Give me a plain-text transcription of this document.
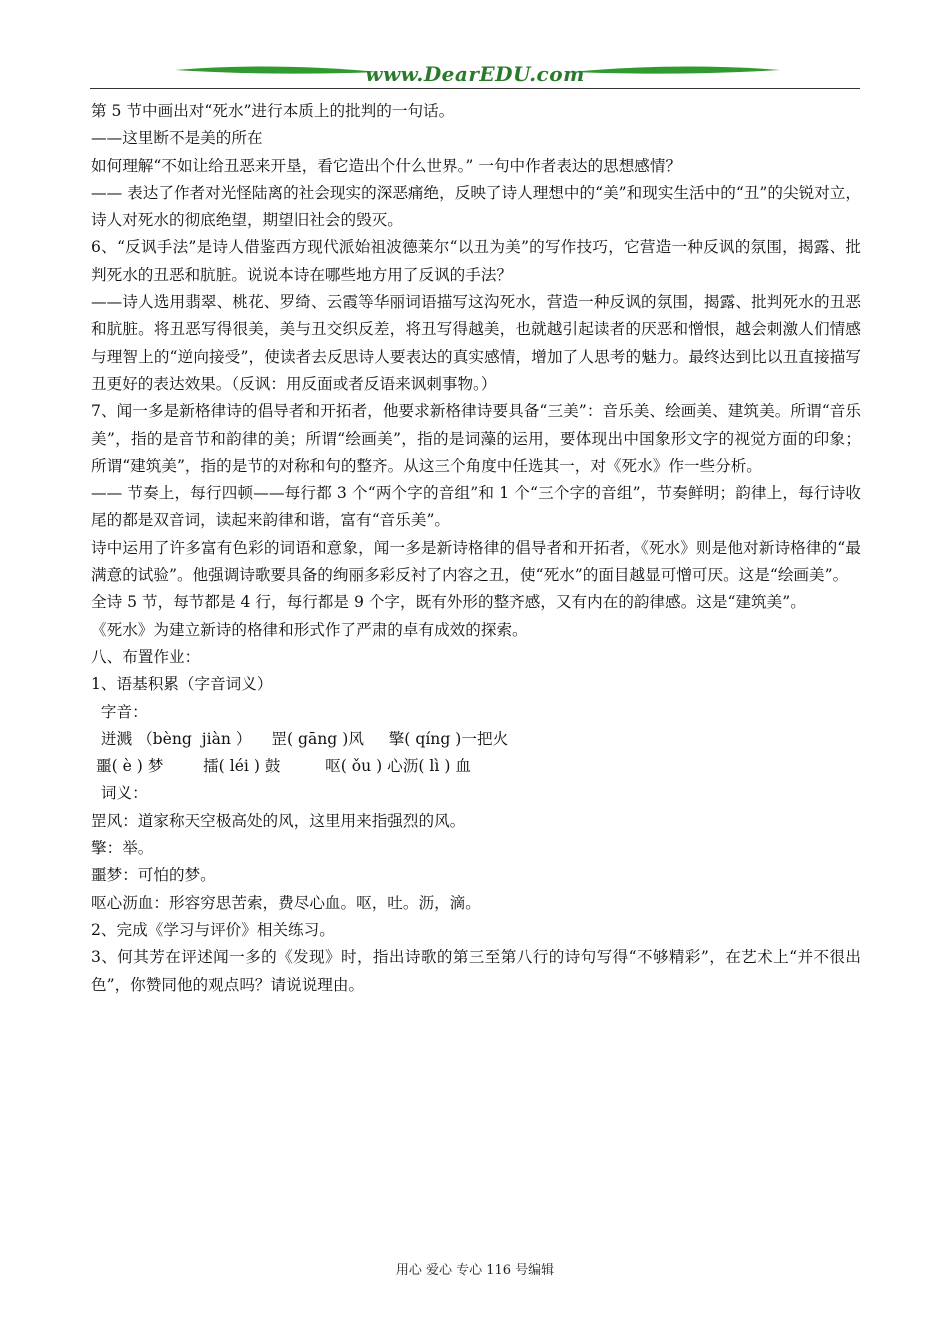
www.DearEDU.com

第 5 节中画出对“死水”进行本质上的批判的一句话。

——这里断不是美的所在

如何理解“不如让给丑恶来开垦，看它造出个什么世界。” 一句中作者表达的思想感情？

—— 表达了作者对光怪陆离的社会现实的深恶痛绝，反映了诗人理想中的“美”和现实生活中的“丑”的尖锐对立，诗人对死水的彻底绝望，期望旧社会的毁灭。

6、“反讽手法”是诗人借鉴西方现代派始祖波德莱尔“以丑为美”的写作技巧，它营造一种反讽的氛围，揭露、批判死水的丑恶和肮脏。说说本诗在哪些地方用了反讽的手法？

——诗人选用翡翠、桃花、罗绮、云霞等华丽词语描写这沟死水，营造一种反讽的氛围，揭露、批判死水的丑恶和肮脏。将丑恶写得很美，美与丑交织反差，将丑写得越美，也就越引起读者的厌恶和憎恨，越会刺激人们情感与理智上的“逆向接受”，使读者去反思诗人要表达的真实感情，增加了人思考的魅力。最终达到比以丑直接描写丑更好的表达效果。（反讽：用反面或者反语来讽刺事物。）

7、闻一多是新格律诗的倡导者和开拓者，他要求新格律诗要具备“三美”：音乐美、绘画美、建筑美。所谓“音乐美”，指的是音节和韵律的美；所谓“绘画美”，指的是词藻的运用，要体现出中国象形文字的视觉方面的印象；所谓“建筑美”，指的是节的对称和句的整齐。从这三个角度中任选其一，对《死水》作一些分析。

—— 节奏上，每行四顿——每行都 3 个“两个字的音组”和 1 个“三个字的音组”，节奏鲜明；韵律上，每行诗收尾的都是双音词，读起来韵律和谐，富有“音乐美”。

诗中运用了许多富有色彩的词语和意象，闻一多是新诗格律的倡导者和开拓者，《死水》则是他对新诗格律的“最满意的试验”。他强调诗歌要具备的绚丽多彩反衬了内容之丑，使“死水”的面目越显可憎可厌。这是“绘画美”。

全诗 5 节，每节都是 4 行，每行都是 9 个字，既有外形的整齐感，又有内在的韵律感。这是“建筑美”。

《死水》为建立新诗的格律和形式作了严肃的卓有成效的探索。

八、布置作业：

1、语基积累（字音词义）

字音：

迸溅 （bèng  jiàn ）    罡( gāng )风     擎( qíng )一把火

噩( è ) 梦        擂( léi ) 鼓         呕( ǒu ) 心沥( lì ) 血

词义：

罡风：道家称天空极高处的风，这里用来指强烈的风。

擎：举。

噩梦：可怕的梦。

呕心沥血：形容穷思苦索，费尽心血。呕，吐。沥，滴。

2、完成《学习与评价》相关练习。

3、何其芳在评述闻一多的《发现》时，指出诗歌的第三至第八行的诗句写得“不够精彩”，在艺术上“并不很出色”，你赞同他的观点吗？请说说理由。

用心 爱心 专心 116 号编辑
